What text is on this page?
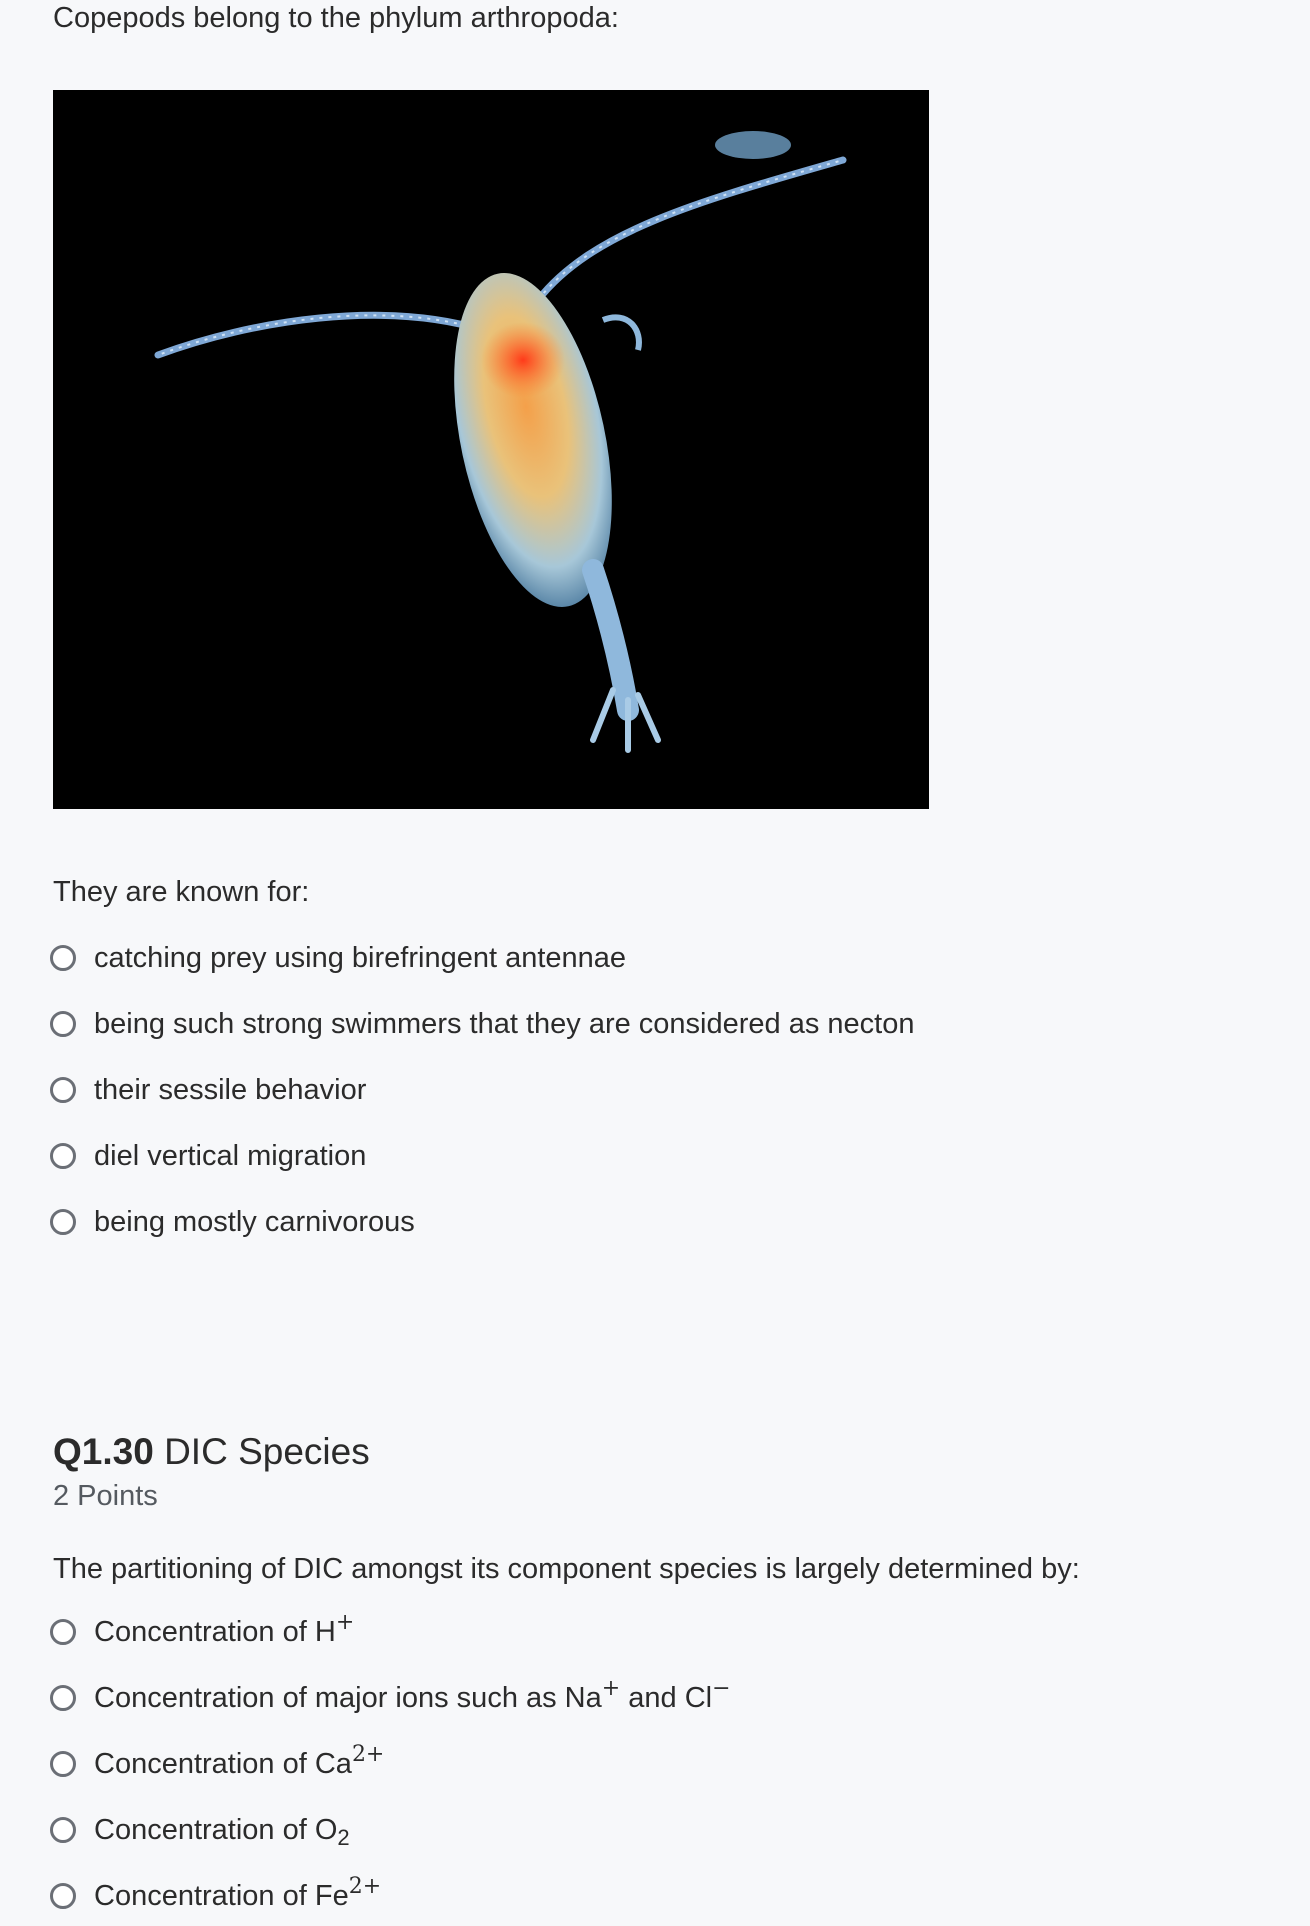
Copepods belong to the phylum arthropoda:
They are known for:
catching prey using birefringent antennae
being such strong swimmers that they are considered as necton
their sessile behavior
diel vertical migration
being mostly carnivorous
Q1.30 DIC Species
2 Points
The partitioning of DIC amongst its component species is largely determined by:
Concentration of H+
Concentration of major ions such as Na+ and Cl−
Concentration of $Ca^{2+}$
Concentration of $O_2$
Concentration of $Fe^{2+}$
